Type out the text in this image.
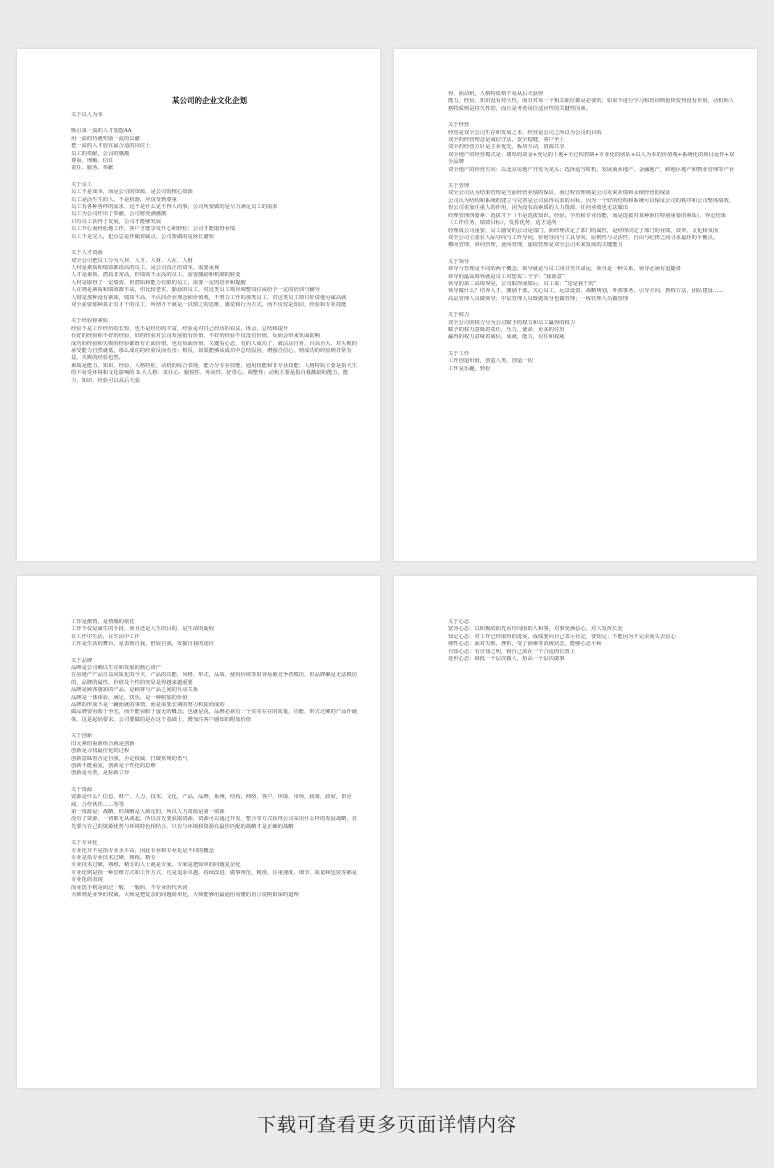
某公司的企业文化企划
关于以人为本
吸引第一流的人才加盟AA
用一流的待遇奖励一流的贡献
把一流的人才放在最合适的岗位上
员工的奉献，公司的感激
尊重、理解、信任
责任、服务、奉献
关于员工
员工不是成本，而是公司的资源，是公司的核心资源
员工是活生生的人，不是机器，应该受到尊重
员工有各种各样的需求，这不是什么见不得人的事，公司所要做的是尽力满足员工的需求
员工为公司作出了奉献，公司将充满感激
只有员工获得了发展，公司才能够发展
员工开心而轻松地工作，客户才能享受开心和轻松；公司才能取得业绩
员工不是完人，犯点总是伴随着缺点，公司要做的是扬长避短
关于人才资源
双全公司把员工分为人材、人才、人材、人在、人财
人材是素质和绩效都很高的员工，是公司真正的资本，需要重视
人才是素质，潜质非常高，但绩效不太高的员工，需要激励和机制的转变
人材是取得了一定绩效，但潜质和能力有限的员工，需要一定的培养和提醒
人在则是素质和绩效都不高，但比较老实，勤恳的员工，对这类员工则应调整岗位或给予一定的培训与辅导
人财是那种没有素质，绩效不高，不认同企业理念和价值观，不努力工作的那类员工，对这类员工则只好请他另谋高就
双全需要那种真正有才干的员工，所谓才干就是一以惯之的思维、感觉和行为方式，而不仅仅是知识，经验和专业技能
关于经验和素质
经验不是工作经历的长短，也不是经历的丰富，经验是对自己经历的看法，体会，总结和提升
有好的经验和不好的经验，好的经验对公司发展很有价值，不好的经验不仅没有价值，反而会带来负面影响
成功的经验和失败的经验都既有正面价值，也有负面价值，关键看心态，有的人成功了，就沾沾自喜，自高自大，对失败的承受能力自然就低，那么成功的经验反而有害；相反，如果能够从成功中总结原因，增强自信心，则成功的经验则非常有益，失败的经验也然。
素质是能力，知识，经验，人格特征，动机的综合表现，能力分专业技能，通用技能和非专业技能；人格特质主要是指天生的不易受环境和文化影响的 S 大人格：责任心、愉悦性、外向性、好奇心，调整性；动机主要是指自我激励的能力，能力，知识，经验可以从后天获
得，而动机，人格特质则不易从后天获得
能力，经验，知识没有持久性，而且对每一个相关职位都是必要的，如果不进行学习和培训则很快变得没有价值，动机和人格特质则是持久性的，而且是考查岗位适应性的关键性因素。
关于经营
经营是双全公司生存和发展之本，经营是公司之所以为公司的目的
双全的经营理念是诚信守法，安全稳健，客户至上
双全的经营方针是主业优先，板块互动，资源共享
双全地产的经营模式是：雄厚的资金+充足的土地+全过程控制+专业化的团队+以人为本的价值观+系统化的项目运作+双全品牌
双全地产的经营方向：以北京房地产开发为龙头；选择适当时机，发展商业地产，金融地产，跨地区地产和物业管理等产业
关于管理
双全公司认为结果管理是当前经营业绩的保证，而过程管理则是公司未来业绩和永续经营的保证
公司认为结构和系统的建立与完善是公司获得以求的目标，因为一个好的结构和系统可以保证公司的秩序和公司整体绩效，但公司更加注重人的作用，因为没有高素质的人力资源，任何业绩也无法做出
经理管理四要素：选拔才干（不是选拔知识，经验，学历和专业技能，而是选拔对某种职位特别重要的素质），界定结果（工作任务，绩效目标），发挥优势，适才适所
经理成公司重要，员工感受的公司是部门，而经理决定了部门的属性，是经理决定了部门的业绩，效率，文化和氛围
双全公司主张在人际导向与工作导向，价值导向与工具导向，原则性与灵活性，自由与纪律之间寻求最佳的平衡点。
横向管理，斜向管理，逆向管理，虚拟管理是双全公司未来发展的关键能力
关于领导
领导与管理是不同的两个概念，领导就是与员工同甘苦共命运，领导是一种关系，领导必须有追随者
领导的最高境界就是员工对您说三个字：“我愿意”
领导的第二高境界是，公司取得成绩后，员工说：“这是我干的”
领导做什么？培养人才，激励干部，关心员工，远景设置，战略规划，外部事务，引导方向，教练方法，团队建设……
高层管理人员做领导；中层管理人员既做领导也做管理；一线管理人员做管理
关于权力
双全公司的权力分为公司赋予的权力和员工赢得的权力
赋予的权力意味着责任，压力，使命，更多的付出
赢得的权力意味着威信，成就，能力，信任和权威
关于工作
工作创造价值，创造人类，创造一切
工作是乐趣，轻松
工作是激情，是情感的依托
工作不仅是谋生的手段，而且还是人生的目的，是生命的旋程
在工作中生活，在生活中工作
工作是生活的舞台，是表现自我，舒展自我，发掘自我的途径
关于品牌
品牌是公司赖以生存和发展的核心资产
在房地产产品日益同质化的今天，产品的功能，风格，形式，品质，使用价值等很容易被竞争者模仿，但品牌确是无法模仿的，品牌的属性，价值及个性的突显是得越来越重要
品牌是顾客感知的产品，是顾客与产品之间的互动关系
品牌是一体体验，满足，快乐，是一种附加的价值
品牌的形成不是一蹴而就的事情，而是需要长期的努力积淀而成的
做品牌要看眼于争先，而不能看眼于虚无的概念；也就是说，品牌必须有一个实实在在的质量，功能，形式过硬的产品作载体，这是起码要求，公司要做的是在这个基础上，增加注客户感知的附加价值
关于创新
旧元素的重新组合就是创新
创新是寻找最佳化的过程
创新意味着否定自我，否定权威，打破常规的勇气
创新不能重复，创新是个性化的思维
创新是另类，是标新立异
关于资源
资源是什么？信息，财产，人力，技术，文化，产品，品牌，系统，结构，网络，客户，环境，市场，政策，政府，供应商，合作伙伴……等等
第一资源是：战略，但战略是人制定的，所以人力资源是第一资源
没有了资源，一切都无从谈起，所以首先要获取资源，资源可以通过开发，整合等方式获得公司采用什么样的发展战略，首先要与自己的资源优势与环境特色相结合，只有与环境和资源有最佳匹配的战略才是正确的战略
关于专业化
专业化并不是指专业水平高，因此专业和专业化是不同的概念
专业是指专业技术过硬，熟练，精专
专业技术过硬，熟练，精专的人士就是专家，专家是把简单的问题复杂化
专业化则是指一种思维方式和工作方式，凡是追求卓越，持续改进，做事规范，精准，注重速度，细节，质量和包装等都是专业化的表现
而业选手则是而过一般，一般吗，不专业的代名词
大师则是业界的权威，大师是把复杂的问题简单化，大师能够用最通俗易懂的语言说明艰深的道理
关于心态
宽容心态：以积极的阳光看待周围的人和事，对事充满信心，对人发挥长处
知足心态：对工作已经取得的进展，成绩要向自己表示肯定，要知足；不能因为不完美而失去信心
弹性心态：面对失败，挫折，受了困难等消极状态，能够心态平和
自知心态：有自知之明，将自己放在一个合适的位置上
处世心态：降低一个层次做人，抬高一个层次做事
下载可查看更多页面详情内容
